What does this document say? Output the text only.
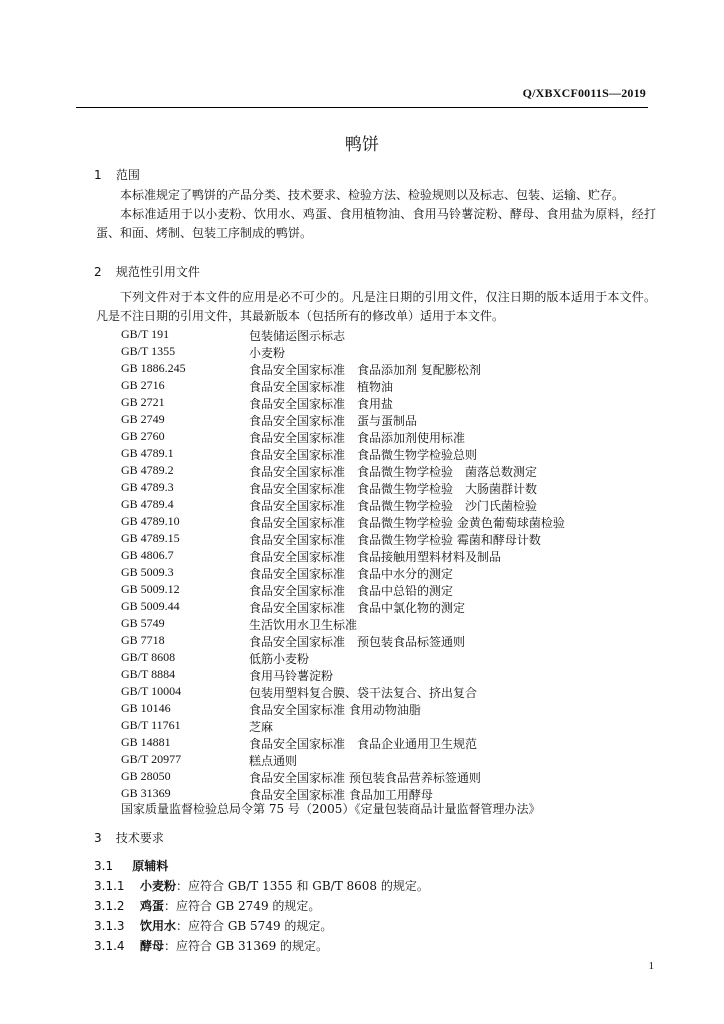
Q/XBXCF0011S—2019
鸭饼
1 范围
本标准规定了鸭饼的产品分类、技术要求、检验方法、检验规则以及标志、包装、运输、贮存。
本标准适用于以小麦粉、饮用水、鸡蛋、食用植物油、食用马铃薯淀粉、酵母、食用盐为原料，经打蛋、和面、烤制、包装工序制成的鸭饼。
2 规范性引用文件
下列文件对于本文件的应用是必不可少的。凡是注日期的引用文件，仅注日期的版本适用于本文件。凡是不注日期的引用文件，其最新版本（包括所有的修改单）适用于本文件。
GB/T 191	包装储运图示标志
GB/T 1355	小麦粉
GB 1886.245	食品安全国家标准　食品添加剂 复配膨松剂
GB 2716	食品安全国家标准　植物油
GB 2721	食品安全国家标准　食用盐
GB 2749	食品安全国家标准　蛋与蛋制品
GB 2760	食品安全国家标准　食品添加剂使用标准
GB 4789.1	食品安全国家标准　食品微生物学检验总则
GB 4789.2	食品安全国家标准　食品微生物学检验　菌落总数测定
GB 4789.3	食品安全国家标准　食品微生物学检验　大肠菌群计数
GB 4789.4	食品安全国家标准　食品微生物学检验　沙门氏菌检验
GB 4789.10	食品安全国家标准　食品微生物学检验 金黄色葡萄球菌检验
GB 4789.15	食品安全国家标准　食品微生物学检验 霉菌和酵母计数
GB 4806.7	食品安全国家标准　食品接触用塑料材料及制品
GB 5009.3	食品安全国家标准　食品中水分的测定
GB 5009.12	食品安全国家标准　食品中总铅的测定
GB 5009.44	食品安全国家标准　食品中氯化物的测定
GB 5749	生活饮用水卫生标准
GB 7718	食品安全国家标准　预包装食品标签通则
GB/T 8608	低筋小麦粉
GB/T 8884	食用马铃薯淀粉
GB/T 10004	包装用塑料复合膜、袋干法复合、挤出复合
GB 10146	食品安全国家标准 食用动物油脂
GB/T 11761	芝麻
GB 14881	食品安全国家标准　食品企业通用卫生规范
GB/T 20977	糕点通则
GB 28050	食品安全国家标准 预包装食品营养标签通则
GB 31369	食品安全国家标准 食品加工用酵母
国家质量监督检验总局令第 75 号（2005）《定量包装商品计量监督管理办法》
3 技术要求
3.1 原辅料
3.1.1 小麦粉：应符合 GB/T 1355 和 GB/T 8608 的规定。
3.1.2 鸡蛋：应符合 GB 2749 的规定。
3.1.3 饮用水：应符合 GB 5749 的规定。
3.1.4 酵母：应符合 GB 31369 的规定。
1
